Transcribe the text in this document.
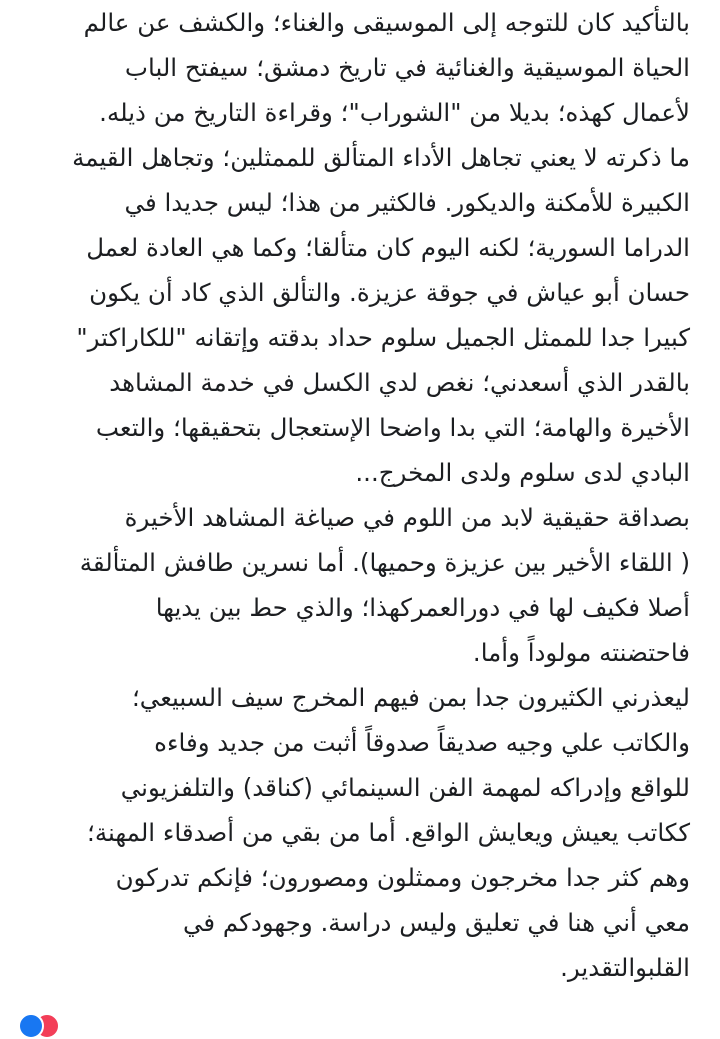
بالتأكيد كان للتوجه إلى الموسيقى والغناء؛ والكشف عن عالم

الحياة الموسيقية والغنائية في تاريخ دمشق؛ سيفتح الباب

لأعمال كهذه؛ بديلا من "الشوراب"؛ وقراءة التاريخ من ذيله.

ما ذكرته لا يعني تجاهل الأداء المتألق للممثلين؛ وتجاهل القيمة

الكبيرة للأمكنة والديكور. فالكثير من هذا؛ ليس جديدا في

الدراما السورية؛ لكنه اليوم كان متألقا؛ وكما هي العادة لعمل

حسان أبو عياش في جوقة عزيزة. والتألق الذي كاد أن يكون

كبيرا جدا للممثل الجميل سلوم حداد بدقته وإتقانه "للكاراكتر"

بالقدر الذي أسعدني؛ نغص لدي الكسل في خدمة المشاهد

الأخيرة والهامة؛ التي بدا واضحا الإستعجال بتحقيقها؛ والتعب

البادي لدى سلوم ولدى المخرج...

بصداقة حقيقية لابد من اللوم في صياغة المشاهد الأخيرة

( اللقاء الأخير بين عزيزة وحميها). أما نسرين طافش المتألقة

أصلا فكيف لها في دورالعمركهذا؛ والذي حط بين يديها

فاحتضنته مولوداً وأما.

ليعذرني الكثيرون جدا بمن فيهم المخرج سيف السبيعي؛

والكاتب علي وجيه صديقاً صدوقاً أثبت من جديد وفاءه

للواقع وإدراكه لمهمة الفن السينمائي (كناقد) والتلفزيوني

ككاتب يعيش ويعايش الواقع. أما من بقي من أصدقاء المهنة؛

وهم كثر جدا مخرجون وممثلون ومصورون؛ فإنكم تدركون

معي أني هنا في تعليق وليس دراسة. وجهودكم في

القلبوالتقدير.
